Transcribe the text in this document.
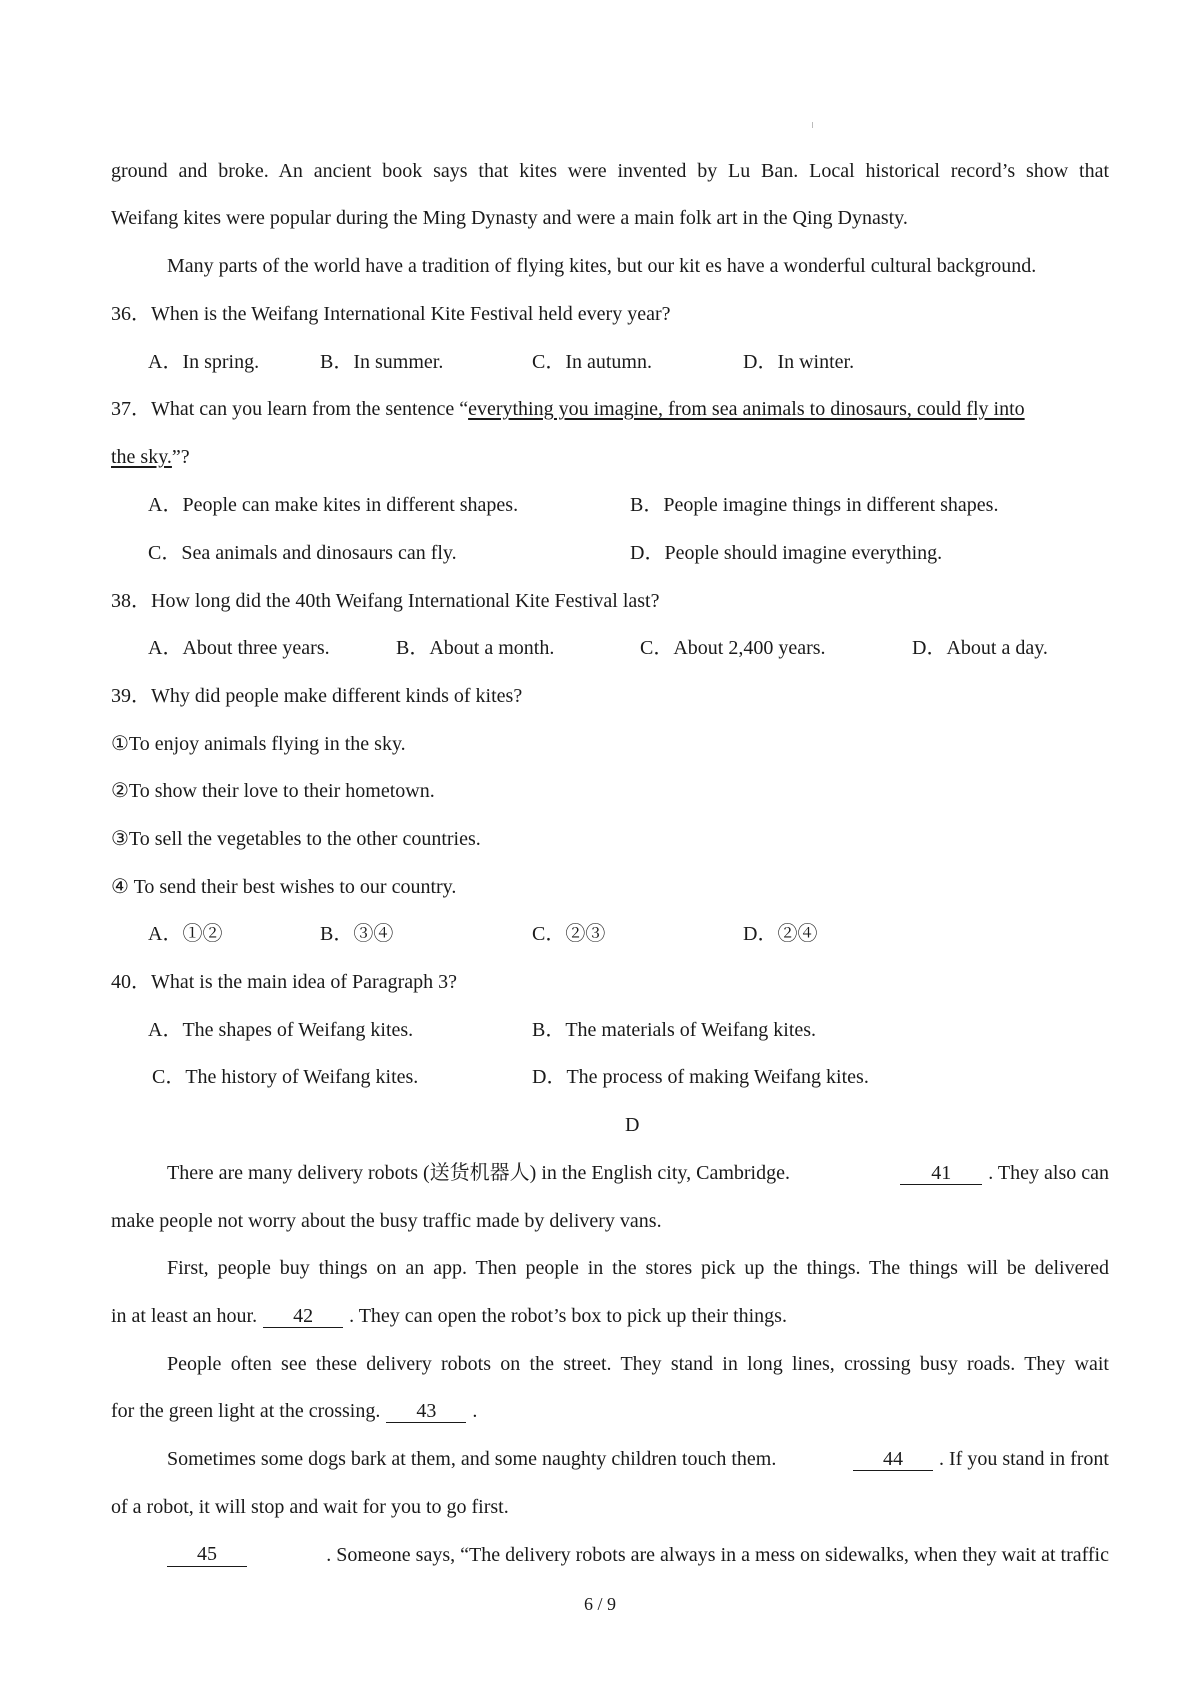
ground and broke. An ancient book says that kites were invented by Lu Ban. Local historical record’s show that
Weifang kites were popular during the Ming Dynasty and were a main folk art in the Qing Dynasty.
Many parts of the world have a tradition of flying kites, but our kit es have a wonderful cultural background.
36．When is the Weifang International Kite Festival held every year?
A．In spring.	B．In summer.	C．In autumn.	D．In winter.
37．What can you learn from the sentence “everything you imagine, from sea animals to dinosaurs, could fly into
the sky.”?
A．People can make kites in different shapes.	B．People imagine things in different shapes.
C．Sea animals and dinosaurs can fly.	D．People should imagine everything.
38．How long did the 40th Weifang International Kite Festival last?
A．About three years.	B．About a month.	C．About 2,400 years.	D．About a day.
39．Why did people make different kinds of kites?
①To enjoy animals flying in the sky.
②To show their love to their hometown.
③To sell the vegetables to the other countries.
④ To send their best wishes to our country.
A．①②	B．③④	C．②③	D．②④
40．What is the main idea of Paragraph 3?
A．The shapes of Weifang kites.	B．The materials of Weifang kites.
C．The history of Weifang kites.	D．The process of making Weifang kites.
D
There are many delivery robots (送货机器人) in the English city, Cambridge.	41 . They also can
make people not worry about the busy traffic made by delivery vans.
First, people buy things on an app. Then people in the stores pick up the things. The things will be delivered
in at least an hour. 42 . They can open the robot’s box to pick up their things.
People often see these delivery robots on the street. They stand in long lines, crossing busy roads. They wait
for the green light at the crossing. 43 .
Sometimes some dogs bark at them, and some naughty children touch them.	44 . If you stand in front
of a robot, it will stop and wait for you to go first.
45	. Someone says, “The delivery robots are always in a mess on sidewalks, when they wait at traffic
6 / 9
